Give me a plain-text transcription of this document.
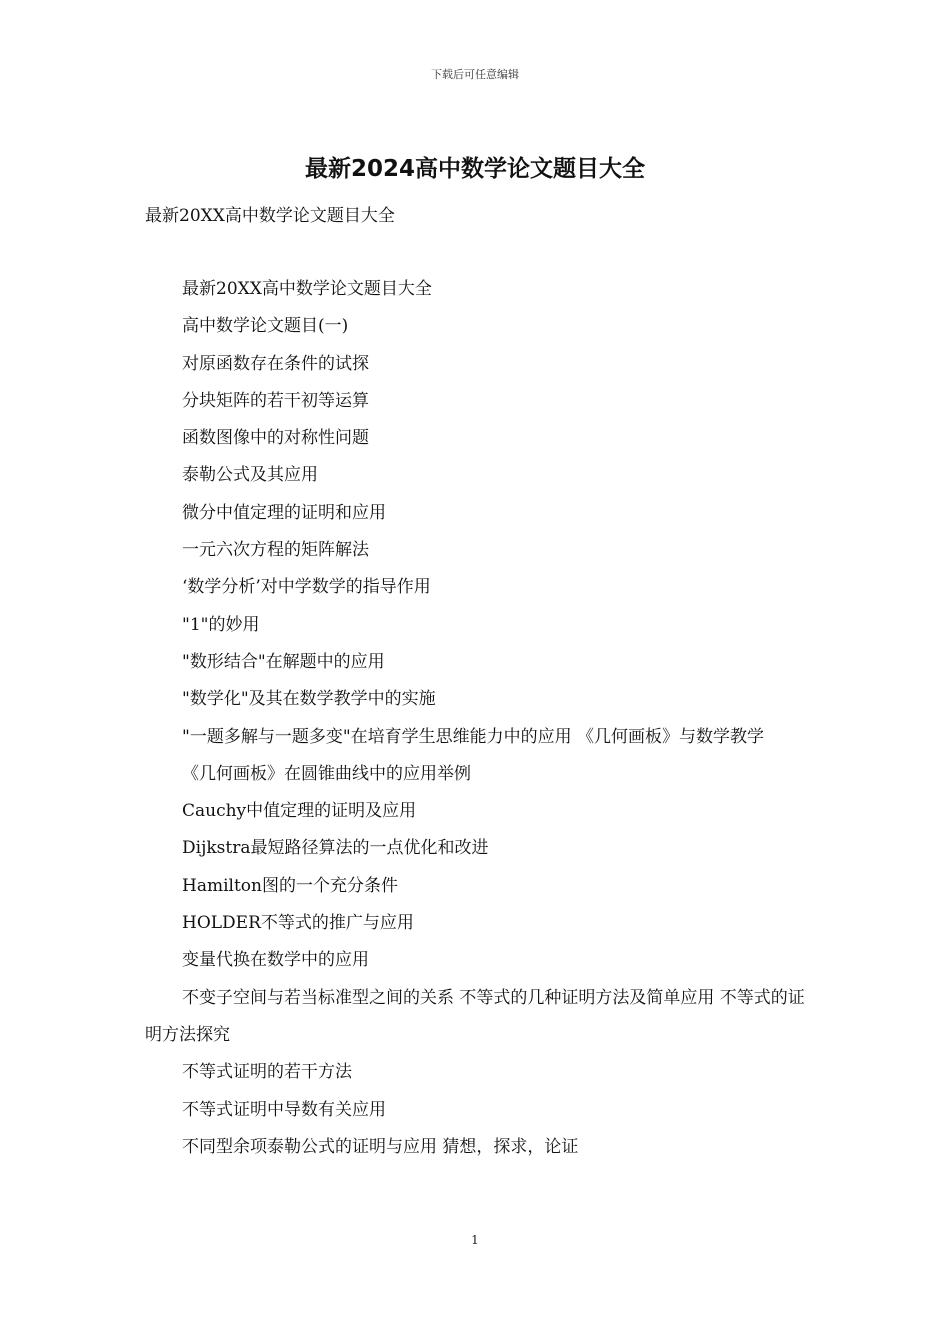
下载后可任意编辑
最新2024高中数学论文题目大全
最新20XX高中数学论文题目大全

最新20XX高中数学论文题目大全

高中数学论文题目(一)

对原函数存在条件的试探

分块矩阵的若干初等运算

函数图像中的对称性问题

泰勒公式及其应用

微分中值定理的证明和应用

一元六次方程的矩阵解法

‘数学分析’对中学数学的指导作用

"1"的妙用

"数形结合"在解题中的应用

"数学化"及其在数学教学中的实施

"一题多解与一题多变"在培育学生思维能力中的应用 《几何画板》与数学教学

《几何画板》在圆锥曲线中的应用举例

Cauchy中值定理的证明及应用

Dijkstra最短路径算法的一点优化和改进

Hamilton图的一个充分条件

HOLDER不等式的推广与应用

变量代换在数学中的应用

不变子空间与若当标准型之间的关系 不等式的几种证明方法及简单应用 不等式的证明方法探究

不等式证明的若干方法

不等式证明中导数有关应用

不同型余项泰勒公式的证明与应用 猜想，探求，论证

1
